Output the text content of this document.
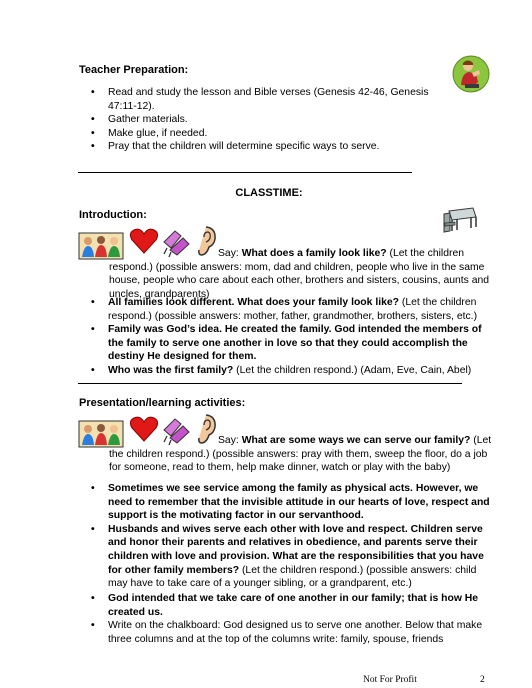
Teacher Preparation:
• Read and study the lesson and Bible verses (Genesis 42-46, Genesis 47:11-12).
• Gather materials.
• Make glue, if needed.
• Pray that the children will determine specific ways to serve.
CLASSTIME:
Introduction:
Say: What does a family look like? (Let the children respond.) (possible answers: mom, dad and children, people who live in the same house, people who care about each other, brothers and sisters, cousins, aunts and uncles, grandparents)
• All families look different. What does your family look like? (Let the children respond.) (possible answers: mother, father, grandmother, brothers, sisters, etc.)
• Family was God’s idea. He created the family. God intended the members of the family to serve one another in love so that they could accomplish the destiny He designed for them.
• Who was the first family? (Let the children respond.) (Adam, Eve, Cain, Abel)
Presentation/learning activities:
Say: What are some ways we can serve our family? (Let the children respond.) (possible answers: pray with them, sweep the floor, do a job for someone, read to them, help make dinner, watch or play with the baby)
• Sometimes we see service among the family as physical acts. However, we need to remember that the invisible attitude in our hearts of love, respect and support is the motivating factor in our servanthood.
• Husbands and wives serve each other with love and respect. Children serve and honor their parents and relatives in obedience, and parents serve their children with love and provision. What are the responsibilities that you have for other family members? (Let the children respond.) (possible answers: child may have to take care of a younger sibling, or a grandparent, etc.)
• God intended that we take care of one another in our family; that is how He created us.
• Write on the chalkboard: God designed us to serve one another. Below that make three columns and at the top of the columns write: family, spouse, friends
Not For Profit	2
